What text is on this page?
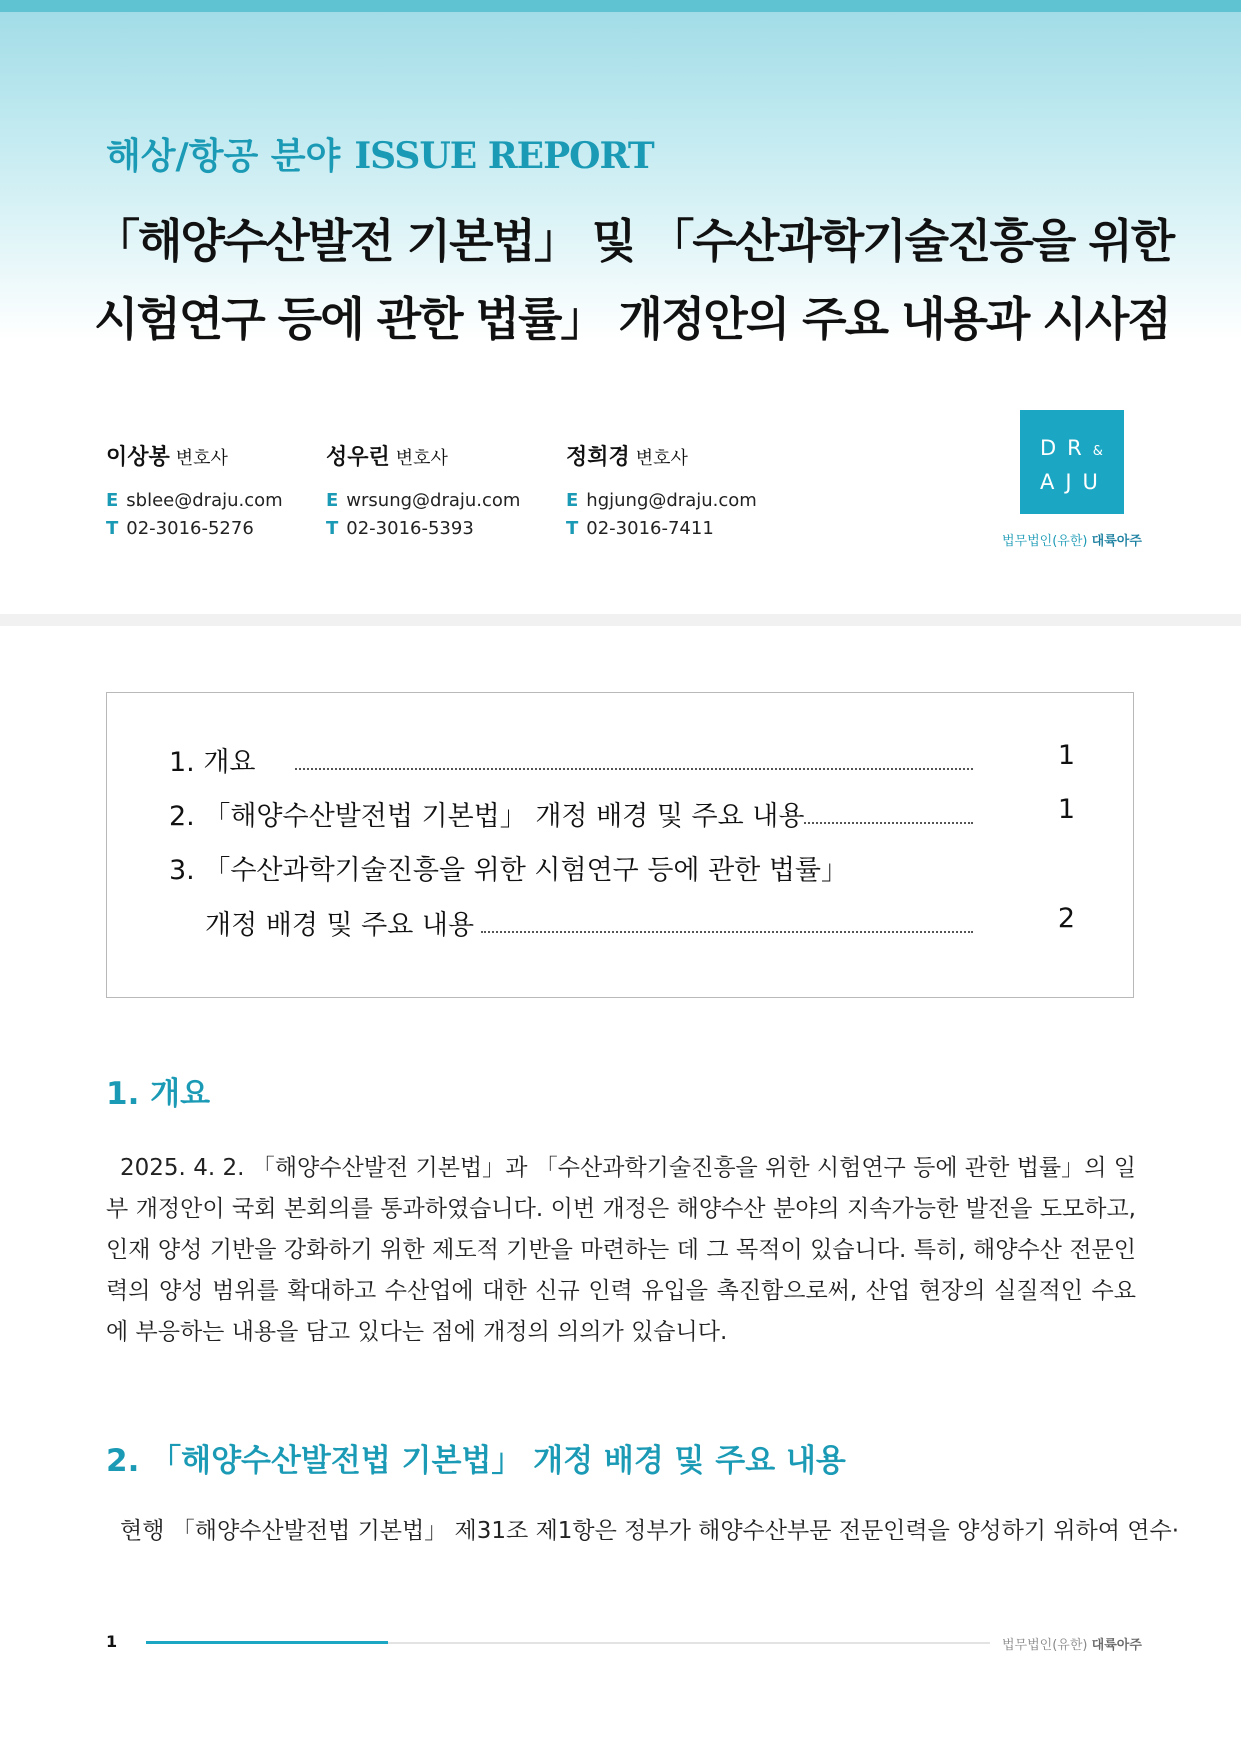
해상/항공 분야 ISSUE REPORT
「해양수산발전 기본법」 및 「수산과학기술진흥을 위한
시험연구 등에 관한 법률」 개정안의 주요 내용과 시사점
이상봉 변호사
E sblee@draju.com
T 02-3016-5276
성우린 변호사
E wrsung@draju.com
T 02-3016-5393
정희경 변호사
E hgjung@draju.com
T 02-3016-7411
DR&
AJU
법무법인(유한) 대륙아주
1. 개요	1
2. 「해양수산발전법 기본법」 개정 배경 및 주요 내용	1
3. 「수산과학기술진흥을 위한 시험연구 등에 관한 법률」
개정 배경 및 주요 내용	2
1. 개요
2025. 4. 2. 「해양수산발전 기본법」과 「수산과학기술진흥을 위한 시험연구 등에 관한 법률」의 일부 개정안이 국회 본회의를 통과하였습니다. 이번 개정은 해양수산 분야의 지속가능한 발전을 도모하고, 인재 양성 기반을 강화하기 위한 제도적 기반을 마련하는 데 그 목적이 있습니다. 특히, 해양수산 전문인력의 양성 범위를 확대하고 수산업에 대한 신규 인력 유입을 촉진함으로써, 산업 현장의 실질적인 수요에 부응하는 내용을 담고 있다는 점에 개정의 의의가 있습니다.
2. 「해양수산발전법 기본법」 개정 배경 및 주요 내용
현행 「해양수산발전법 기본법」 제31조 제1항은 정부가 해양수산부문 전문인력을 양성하기 위하여 연수·
1	법무법인(유한) 대륙아주
